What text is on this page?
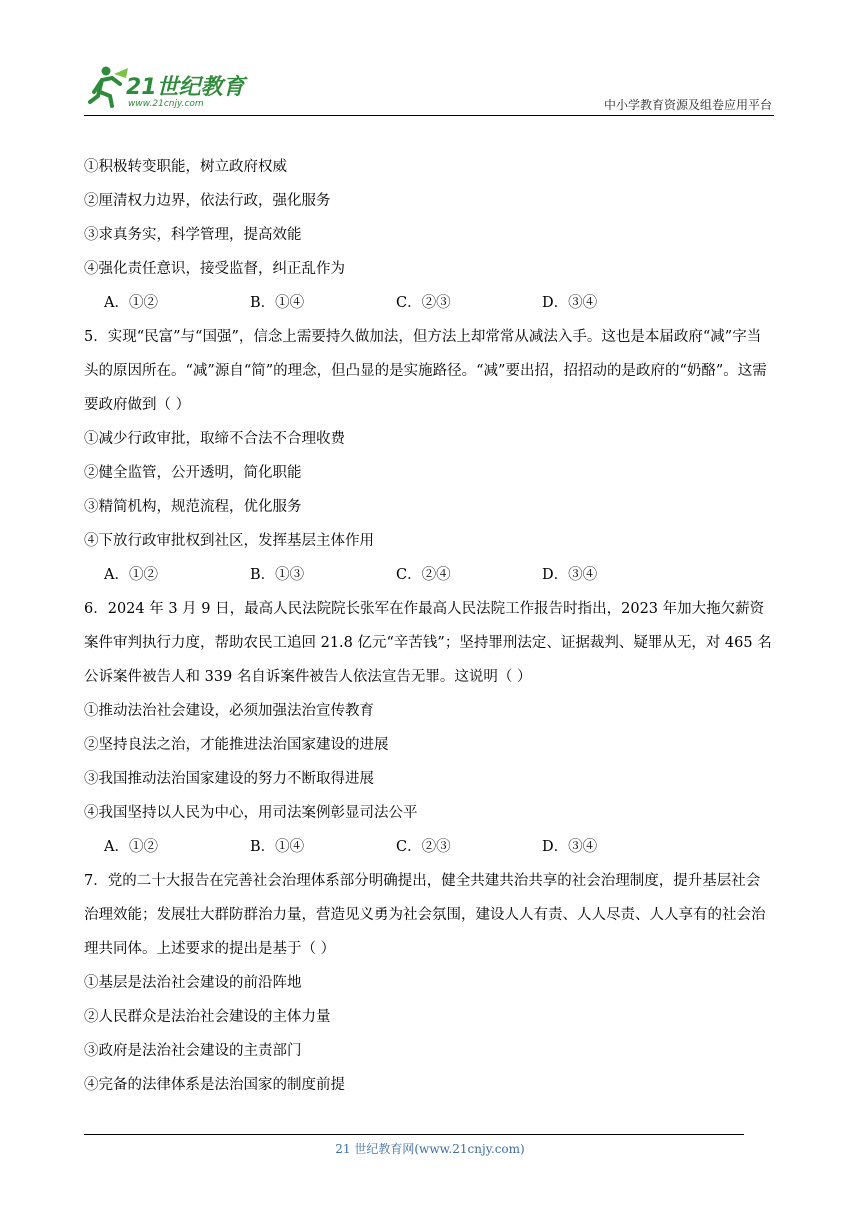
21世纪教育
www.21cnjy.com	中小学教育资源及组卷应用平台
①积极转变职能，树立政府权威
②厘清权力边界，依法行政，强化服务
③求真务实，科学管理，提高效能
④强化责任意识，接受监督，纠正乱作为
A．①②	B．①④	C．②③	D．③④
5．实现“民富”与“国强”，信念上需要持久做加法，但方法上却常常从减法入手。这也是本届政府“减”字当头的原因所在。“减”源自“简”的理念，但凸显的是实施路径。“减”要出招，招招动的是政府的“奶酪”。这需要政府做到（ ）
①减少行政审批，取缔不合法不合理收费
②健全监管，公开透明，简化职能
③精简机构，规范流程，优化服务
④下放行政审批权到社区，发挥基层主体作用
A．①②	B．①③	C．②④	D．③④
6．2024 年 3 月 9 日，最高人民法院院长张军在作最高人民法院工作报告时指出，2023 年加大拖欠薪资案件审判执行力度，帮助农民工追回 21.8 亿元“辛苦钱”；坚持罪刑法定、证据裁判、疑罪从无，对 465 名公诉案件被告人和 339 名自诉案件被告人依法宣告无罪。这说明（ ）
①推动法治社会建设，必须加强法治宣传教育
②坚持良法之治，才能推进法治国家建设的进展
③我国推动法治国家建设的努力不断取得进展
④我国坚持以人民为中心，用司法案例彰显司法公平
A．①②	B．①④	C．②③	D．③④
7．党的二十大报告在完善社会治理体系部分明确提出，健全共建共治共享的社会治理制度，提升基层社会治理效能；发展壮大群防群治力量，营造见义勇为社会氛围，建设人人有责、人人尽责、人人享有的社会治理共同体。上述要求的提出是基于（ ）
①基层是法治社会建设的前沿阵地
②人民群众是法治社会建设的主体力量
③政府是法治社会建设的主责部门
④完备的法律体系是法治国家的制度前提
21 世纪教育网(www.21cnjy.com)
